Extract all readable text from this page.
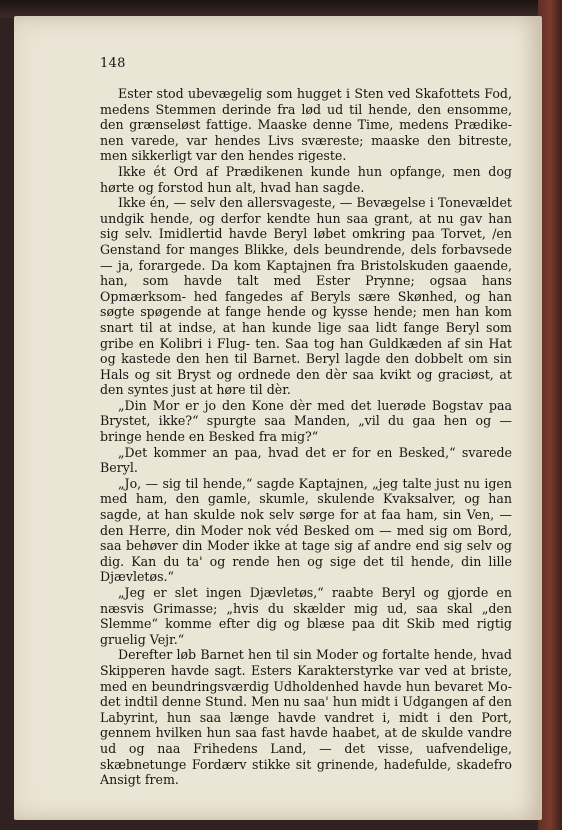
148

Ester stod ubevægelig som hugget i Sten ved Skafottets Fod, medens Stemmen derinde fra lød ud til hende, den ensomme, den grænseløst fattige. Maaske denne Time, medens Prædike- nen varede, var hendes Livs sværeste; maaske den bitreste, men sikkerligt var den hendes rigeste.

Ikke ét Ord af Prædikenen kunde hun opfange, men dog hørte og forstod hun alt, hvad han sagde.

Ikke én, — selv den allersvageste, — Bevægelse i Tonevældet undgik hende, og derfor kendte hun saa grant, at nu gav han sig selv. Imidlertid havde Beryl løbet omkring paa Torvet, /en Genstand for manges Blikke, dels beundrende, dels forbavsede — ja, forargede. Da kom Kaptajnen fra Bristolskuden gaaende, han, som havde talt med Ester Prynne; ogsaa hans Opmærksom- hed fangedes af Beryls sære Skønhed, og han søgte spøgende at fange hende og kysse hende; men han kom snart til at indse, at han kunde lige saa lidt fange Beryl som gribe en Kolibri i Flug- ten. Saa tog han Guldkæden af sin Hat og kastede den hen til Barnet. Beryl lagde den dobbelt om sin Hals og sit Bryst og ordnede den dèr saa kvikt og graciøst, at den syntes just at høre til dèr.

„Din Mor er jo den Kone dèr med det luerøde Bogstav paa Brystet, ikke?“ spurgte saa Manden, „vil du gaa hen og — bringe hende en Besked fra mig?“

„Det kommer an paa, hvad det er for en Besked,“ svarede Beryl.

„Jo, — sig til hende,“ sagde Kaptajnen, „jeg talte just nu igen med ham, den gamle, skumle, skulende Kvaksalver, og han sagde, at han skulde nok selv sørge for at faa ham, sin Ven, — den Herre, din Moder nok véd Besked om — med sig om Bord, saa behøver din Moder ikke at tage sig af andre end sig selv og dig. Kan du ta' og rende hen og sige det til hende, din lille Djævletøs.“

„Jeg er slet ingen Djævletøs,“ raabte Beryl og gjorde en næsvis Grimasse; „hvis du skælder mig ud, saa skal „den Slemme“ komme efter dig og blæse paa dit Skib med rigtig gruelig Vejr.“

Derefter løb Barnet hen til sin Moder og fortalte hende, hvad Skipperen havde sagt. Esters Karakterstyrke var ved at briste, med en beundringsværdig Udholdenhed havde hun bevaret Mo- det indtil denne Stund. Men nu saa' hun midt i Udgangen af den Labyrint, hun saa længe havde vandret i, midt i den Port, gennem hvilken hun saa fast havde haabet, at de skulde vandre ud og naa Frihedens Land, — det visse, uafvendelige, skæbnetunge Fordærv stikke sit grinende, hadefulde, skadefro Ansigt frem.
